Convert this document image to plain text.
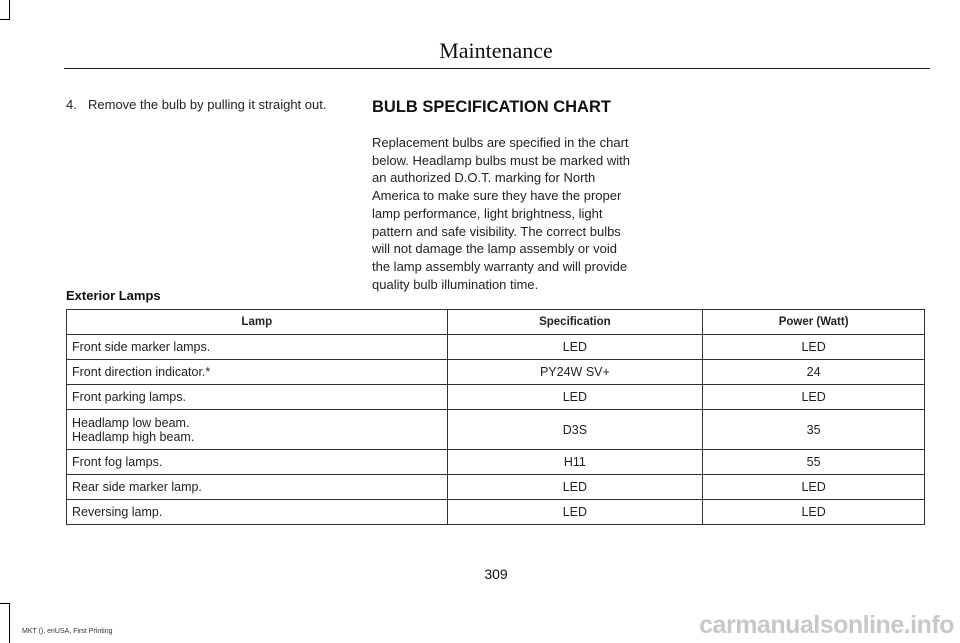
Maintenance
4. Remove the bulb by pulling it straight out.	BULB SPECIFICATION CHART
Replacement bulbs are specified in the chart below. Headlamp bulbs must be marked with an authorized D.O.T. marking for North America to make sure they have the proper lamp performance, light brightness, light pattern and safe visibility. The correct bulbs will not damage the lamp assembly or void the lamp assembly warranty and will provide quality bulb illumination time.
Exterior Lamps
Lamp	Specification	Power (Watt)
Front side marker lamps.	LED	LED
Front direction indicator.*	PY24W SV+	24
Front parking lamps.	LED	LED

Headlamp low beam.
Headlamp high beam.	D3S	35
Front fog lamps.	H11	55
Rear side marker lamp.	LED	LED
Reversing lamp.	LED	LED
309
MKT (), enUSA, First Printing	carmanualsonline.info
